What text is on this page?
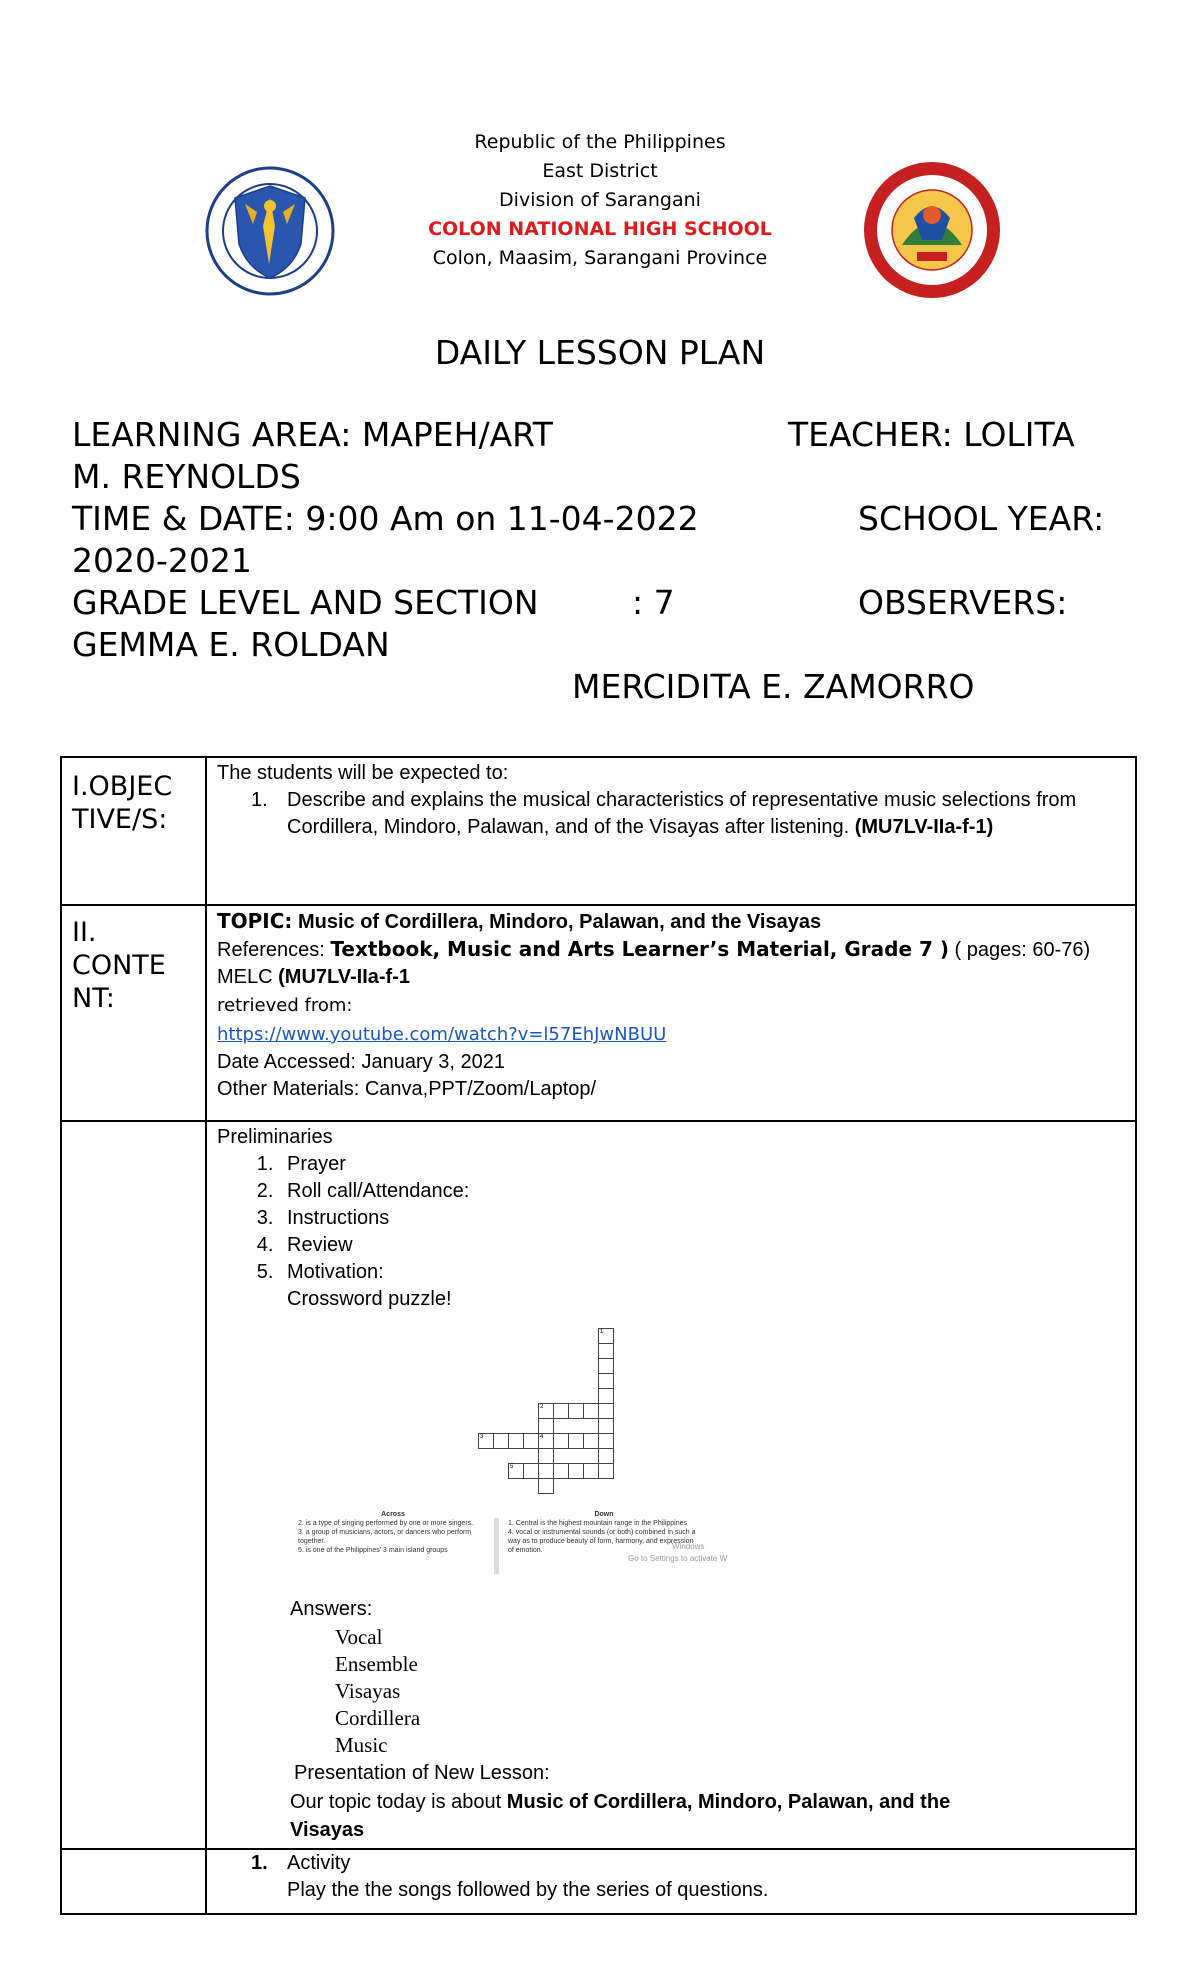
Republic of the Philippines
East District
Division of Sarangani
COLON NATIONAL HIGH SCHOOL
Colon, Maasim, Sarangani Province
DAILY LESSON PLAN
LEARNING AREA: MAPEH/ART	TEACHER: LOLITA
M. REYNOLDS
TIME & DATE: 9:00 Am on 11-04-2022	SCHOOL YEAR:
2020-2021
GRADE LEVEL AND SECTION	: 7	OBSERVERS:
GEMMA E. ROLDAN
MERCIDITA E. ZAMORRO
I.OBJEC
TIVE/S:
The students will be expected to:
1. Describe and explains the musical characteristics of representative music selections from Cordillera, Mindoro, Palawan, and of the Visayas after listening. (MU7LV-IIa-f-1)
II.
CONTE
NT:
TOPIC: Music of Cordillera, Mindoro, Palawan, and the Visayas
References: Textbook, Music and Arts Learner’s Material, Grade 7 ) ( pages: 60-76)
MELC (MU7LV-IIa-f-1
retrieved from:
https://www.youtube.com/watch?v=l57EhJwNBUU
Date Accessed: January 3, 2021
Other Materials: Canva,PPT/Zoom/Laptop/
Preliminaries
1. Prayer
2. Roll call/Attendance:
3. Instructions
4. Review
5. Motivation:
Crossword puzzle!
1
2
3	4
5
Across
2. is a type of singing performed by one or more singers.
3. a group of musicians, actors, or dancers who perform together.
5. is one of the Philippines' 3 main island groups
Down
1. Central is the highest mountain range in the Philippines
4. vocal or instrumental sounds (or both) combined in such a way as to produce beauty of form, harmony, and expression of emotion.	Windows
Go to Settings to activate W
Answers:
Vocal
Ensemble
Visayas
Cordillera
Music
Presentation of New Lesson:
Our topic today is about Music of Cordillera, Mindoro, Palawan, and the Visayas
1. Activity
Play the the songs followed by the series of questions.
